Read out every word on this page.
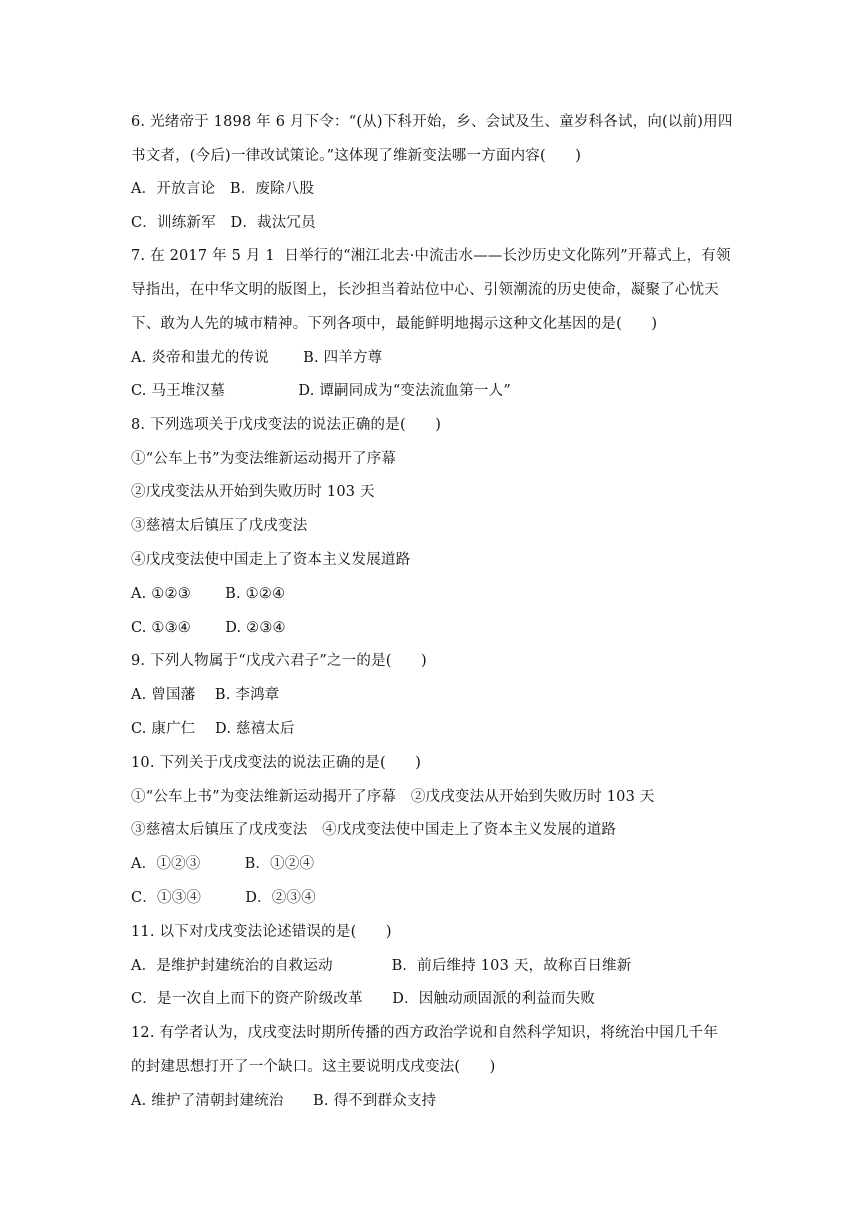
6. 光绪帝于 1898 年 6 月下令：“(从)下科开始，乡、会试及生、童岁科各试，向(以前)用四
书文者，(今后)一律改试策论。”这体现了维新变法哪一方面内容(　　)
A．开放言论　B．废除八股
C．训练新军　D．裁汰冗员
7. 在 2017 年 5 月 1  日举行的“湘江北去·中流击水——长沙历史文化陈列”开幕式上，有领
导指出，在中华文明的版图上，长沙担当着站位中心、引领潮流的历史使命，凝聚了心忧天
下、敢为人先的城市精神。下列各项中，最能鲜明地揭示这种文化基因的是(　　)
A. 炎帝和蚩尤的传说　　 B. 四羊方尊
C. 马王堆汉墓　　　　　D. 谭嗣同成为“变法流血第一人”
8. 下列选项关于戊戌变法的说法正确的是(　　)
①“公车上书”为变法维新运动揭开了序幕
②戊戌变法从开始到失败历时 103 天
③慈禧太后镇压了戊戌变法
④戊戌变法使中国走上了资本主义发展道路
A. ①②③　　 B. ①②④
C. ①③④　　 D. ②③④
9. 下列人物属于“戊戌六君子”之一的是(　　)
A. 曾国藩　 B. 李鸿章
C. 康广仁　 D. 慈禧太后
10. 下列关于戊戌变法的说法正确的是(　　)
①“公车上书”为变法维新运动揭开了序幕　②戊戌变法从开始到失败历时 103 天
③慈禧太后镇压了戊戌变法　④戊戌变法使中国走上了资本主义发展的道路
A．①②③　　　B．①②④
C．①③④　　　D．②③④
11. 以下对戊戌变法论述错误的是(　　)
A．是维护封建统治的自救运动　　　　B．前后维持 103 天，故称百日维新
C．是一次自上而下的资产阶级改革　　D．因触动顽固派的利益而失败
12. 有学者认为，戊戌变法时期所传播的西方政治学说和自然科学知识，将统治中国几千年
的封建思想打开了一个缺口。这主要说明戊戌变法(　　)
A. 维护了清朝封建统治　　B. 得不到群众支持
